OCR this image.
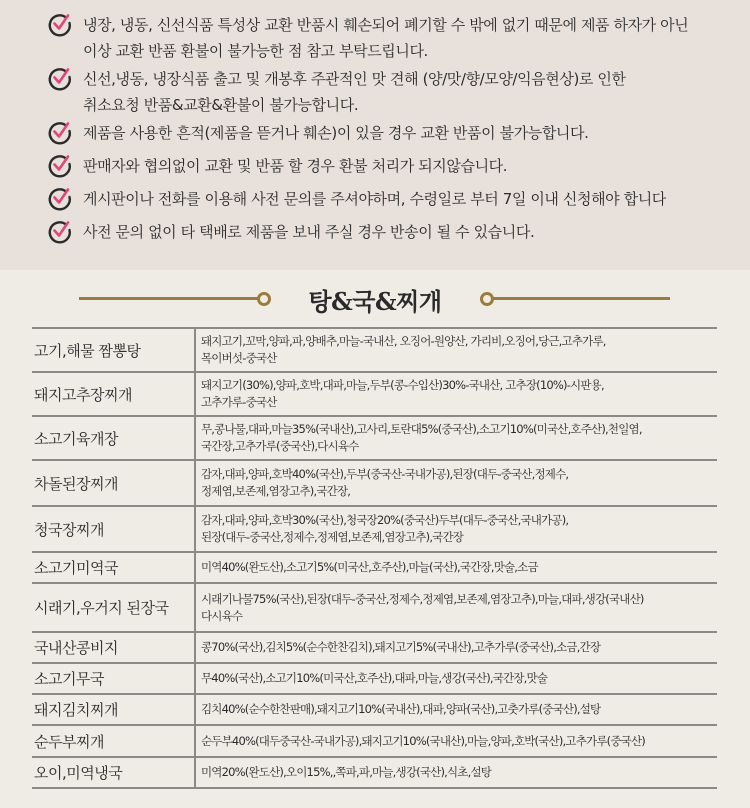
냉장, 냉동, 신선식품 특성상 교환 반품시 훼손되어 폐기할 수 밖에 없기 때문에 제품 하자가 아닌
이상 교환 반품 환불이 불가능한 점 참고 부탁드립니다.
신선,냉동, 냉장식품 출고 및 개봉후 주관적인 맛 견해 (양/맛/향/모양/익음현상)로 인한
취소요청 반품&교환&환불이 불가능합니다.
제품을 사용한 흔적(제품을 뜯거나 훼손)이 있을 경우 교환 반품이 불가능합니다.
판매자와 협의없이 교환 및 반품 할 경우 환불 처리가 되지않습니다.
게시판이나 전화를 이용해 사전 문의를 주셔야하며, 수령일로 부터 7일 이내 신청해야 합니다
사전 문의 없이 타 택배로 제품을 보내 주실 경우 반송이 될 수 있습니다.
탕&국&찌개
고기,해물 짬뽕탕	돼지고기,꼬막,양파,파,양배추,마늘-국내산, 오징어-원양산, 가리비,오징어,당근,고추가루,
목이버섯-중국산

돼지고추장찌개	돼지고기(30%),양파,호박,대파,마늘,두부(콩-수입산)30%-국내산, 고추장(10%)-시판용,
고추가루-중국산

소고기육개장	무,콩나물,대파,마늘35%(국내산),고사리,토란대5%(중국산),소고기10%(미국산,호주산),천일염,
국간장,고추가루(중국산),다시육수

차돌된장찌개	감자,대파,양파,호박40%(국산),두부(중국산-국내가공),된장(대두-중국산,정제수,
정제염,보존제,염장고추),국간장,

청국장찌개	감자,대파,양파,호박30%(국산),청국장20%(중국산)두부(대두-중국산,국내가공),
된장(대두-중국산,정제수,정제염,보존제,염장고추),국간장

소고기미역국	미역40%(완도산),소고기5%(미국산,호주산),마늘(국산),국간장,맛술,소금

시래기,우거지 된장국	시래기나물75%(국산),된장(대두-중국산,정제수,정제염,보존제,염장고추),마늘,대파,생강(국내산)
다시육수

국내산콩비지	콩70%(국산),김치5%(순수한찬김치),돼지고기5%(국내산),고추가루(중국산),소금,간장

소고기무국	무40%(국산),소고기10%(미국산,호주산),대파,마늘,생강(국산),국간장,맛술

돼지김치찌개	김치40%(순수한찬판매),돼지고기10%(국내산),대파,양파(국산),고춧가루(중국산),설탕

순두부찌개	순두부40%(대두중국산-국내가공),돼지고기10%(국내산),마늘,양파,호박(국산),고추가루(중국산)

오이,미역냉국	미역20%(완도산),오이15%,,쪽파,파,마늘,생강(국산),식초,설탕
